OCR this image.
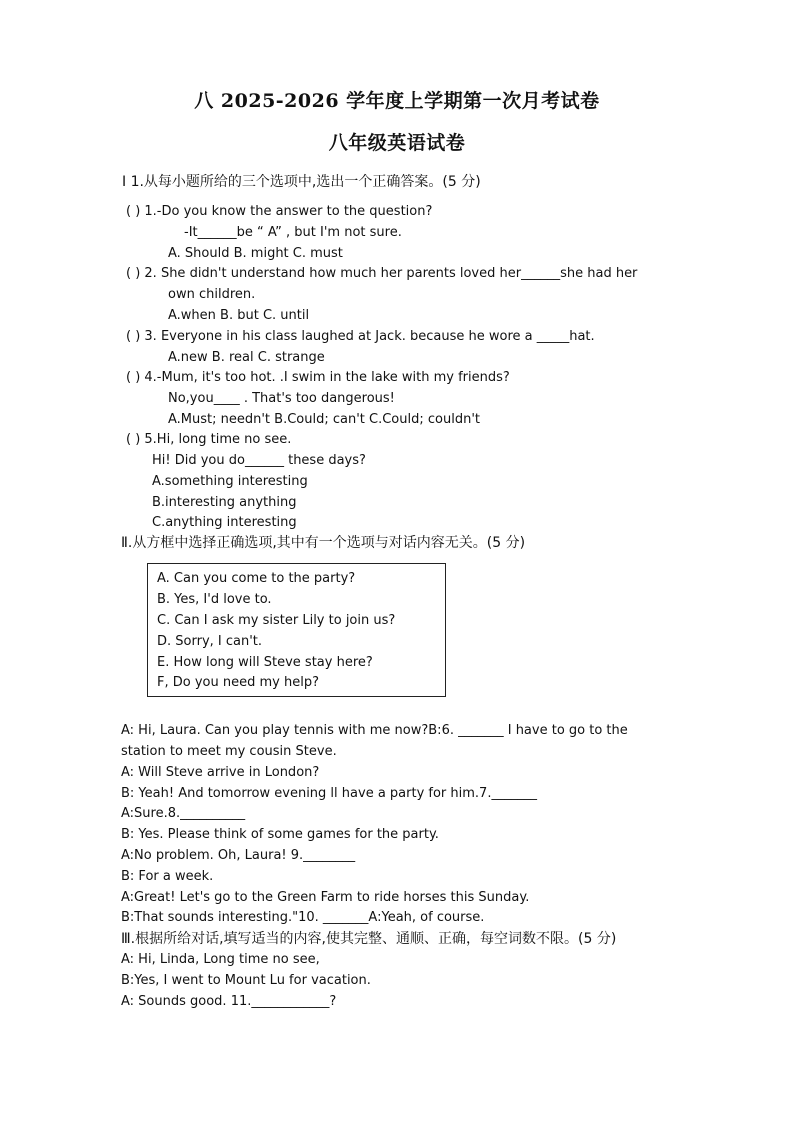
八 2025-2026 学年度上学期第一次月考试卷
八年级英语试卷
Ⅰ 1.从每小题所给的三个选项中,选出一个正确答案。(5 分)
( ) 1.-Do you know the answer to the question?
-It______be “ A” , but I'm not sure.
A. Should B. might C. must
( ) 2. She didn't understand how much her parents loved her______she had her
own children.
A.when B. but C. until
( ) 3. Everyone in his class laughed at Jack. because he wore a _____hat.
A.new B. real C. strange
( ) 4.-Mum, it's too hot. .I swim in the lake with my friends?
No,you____ . That's too dangerous!
A.Must; needn't B.Could; can't C.Could; couldn't
( ) 5.Hi, long time no see.
Hi! Did you do______ these days?
A.something interesting
B.interesting anything
C.anything interesting
Ⅱ.从方框中选择正确选项,其中有一个选项与对话内容无关。(5 分)
A. Can you come to the party?
B. Yes, I'd love to.
C. Can I ask my sister Lily to join us?
D. Sorry, I can't.
E. How long will Steve stay here?
F, Do you need my help?
A: Hi, Laura. Can you play tennis with me now?B:6. _______ I have to go to the
station to meet my cousin Steve.
A: Will Steve arrive in London?
B: Yeah! And tomorrow evening ll have a party for him.7._______
A:Sure.8.__________
B: Yes. Please think of some games for the party.
A:No problem. Oh, Laura! 9.________
B: For a week.
A:Great! Let's go to the Green Farm to ride horses this Sunday.
B:That sounds interesting."10. _______A:Yeah, of course.
Ⅲ.根据所给对话,填写适当的内容,使其完整、通顺、正确，每空词数不限。(5 分)
A: Hi, Linda, Long time no see,
B:Yes, I went to Mount Lu for vacation.
A: Sounds good. 11.____________?
